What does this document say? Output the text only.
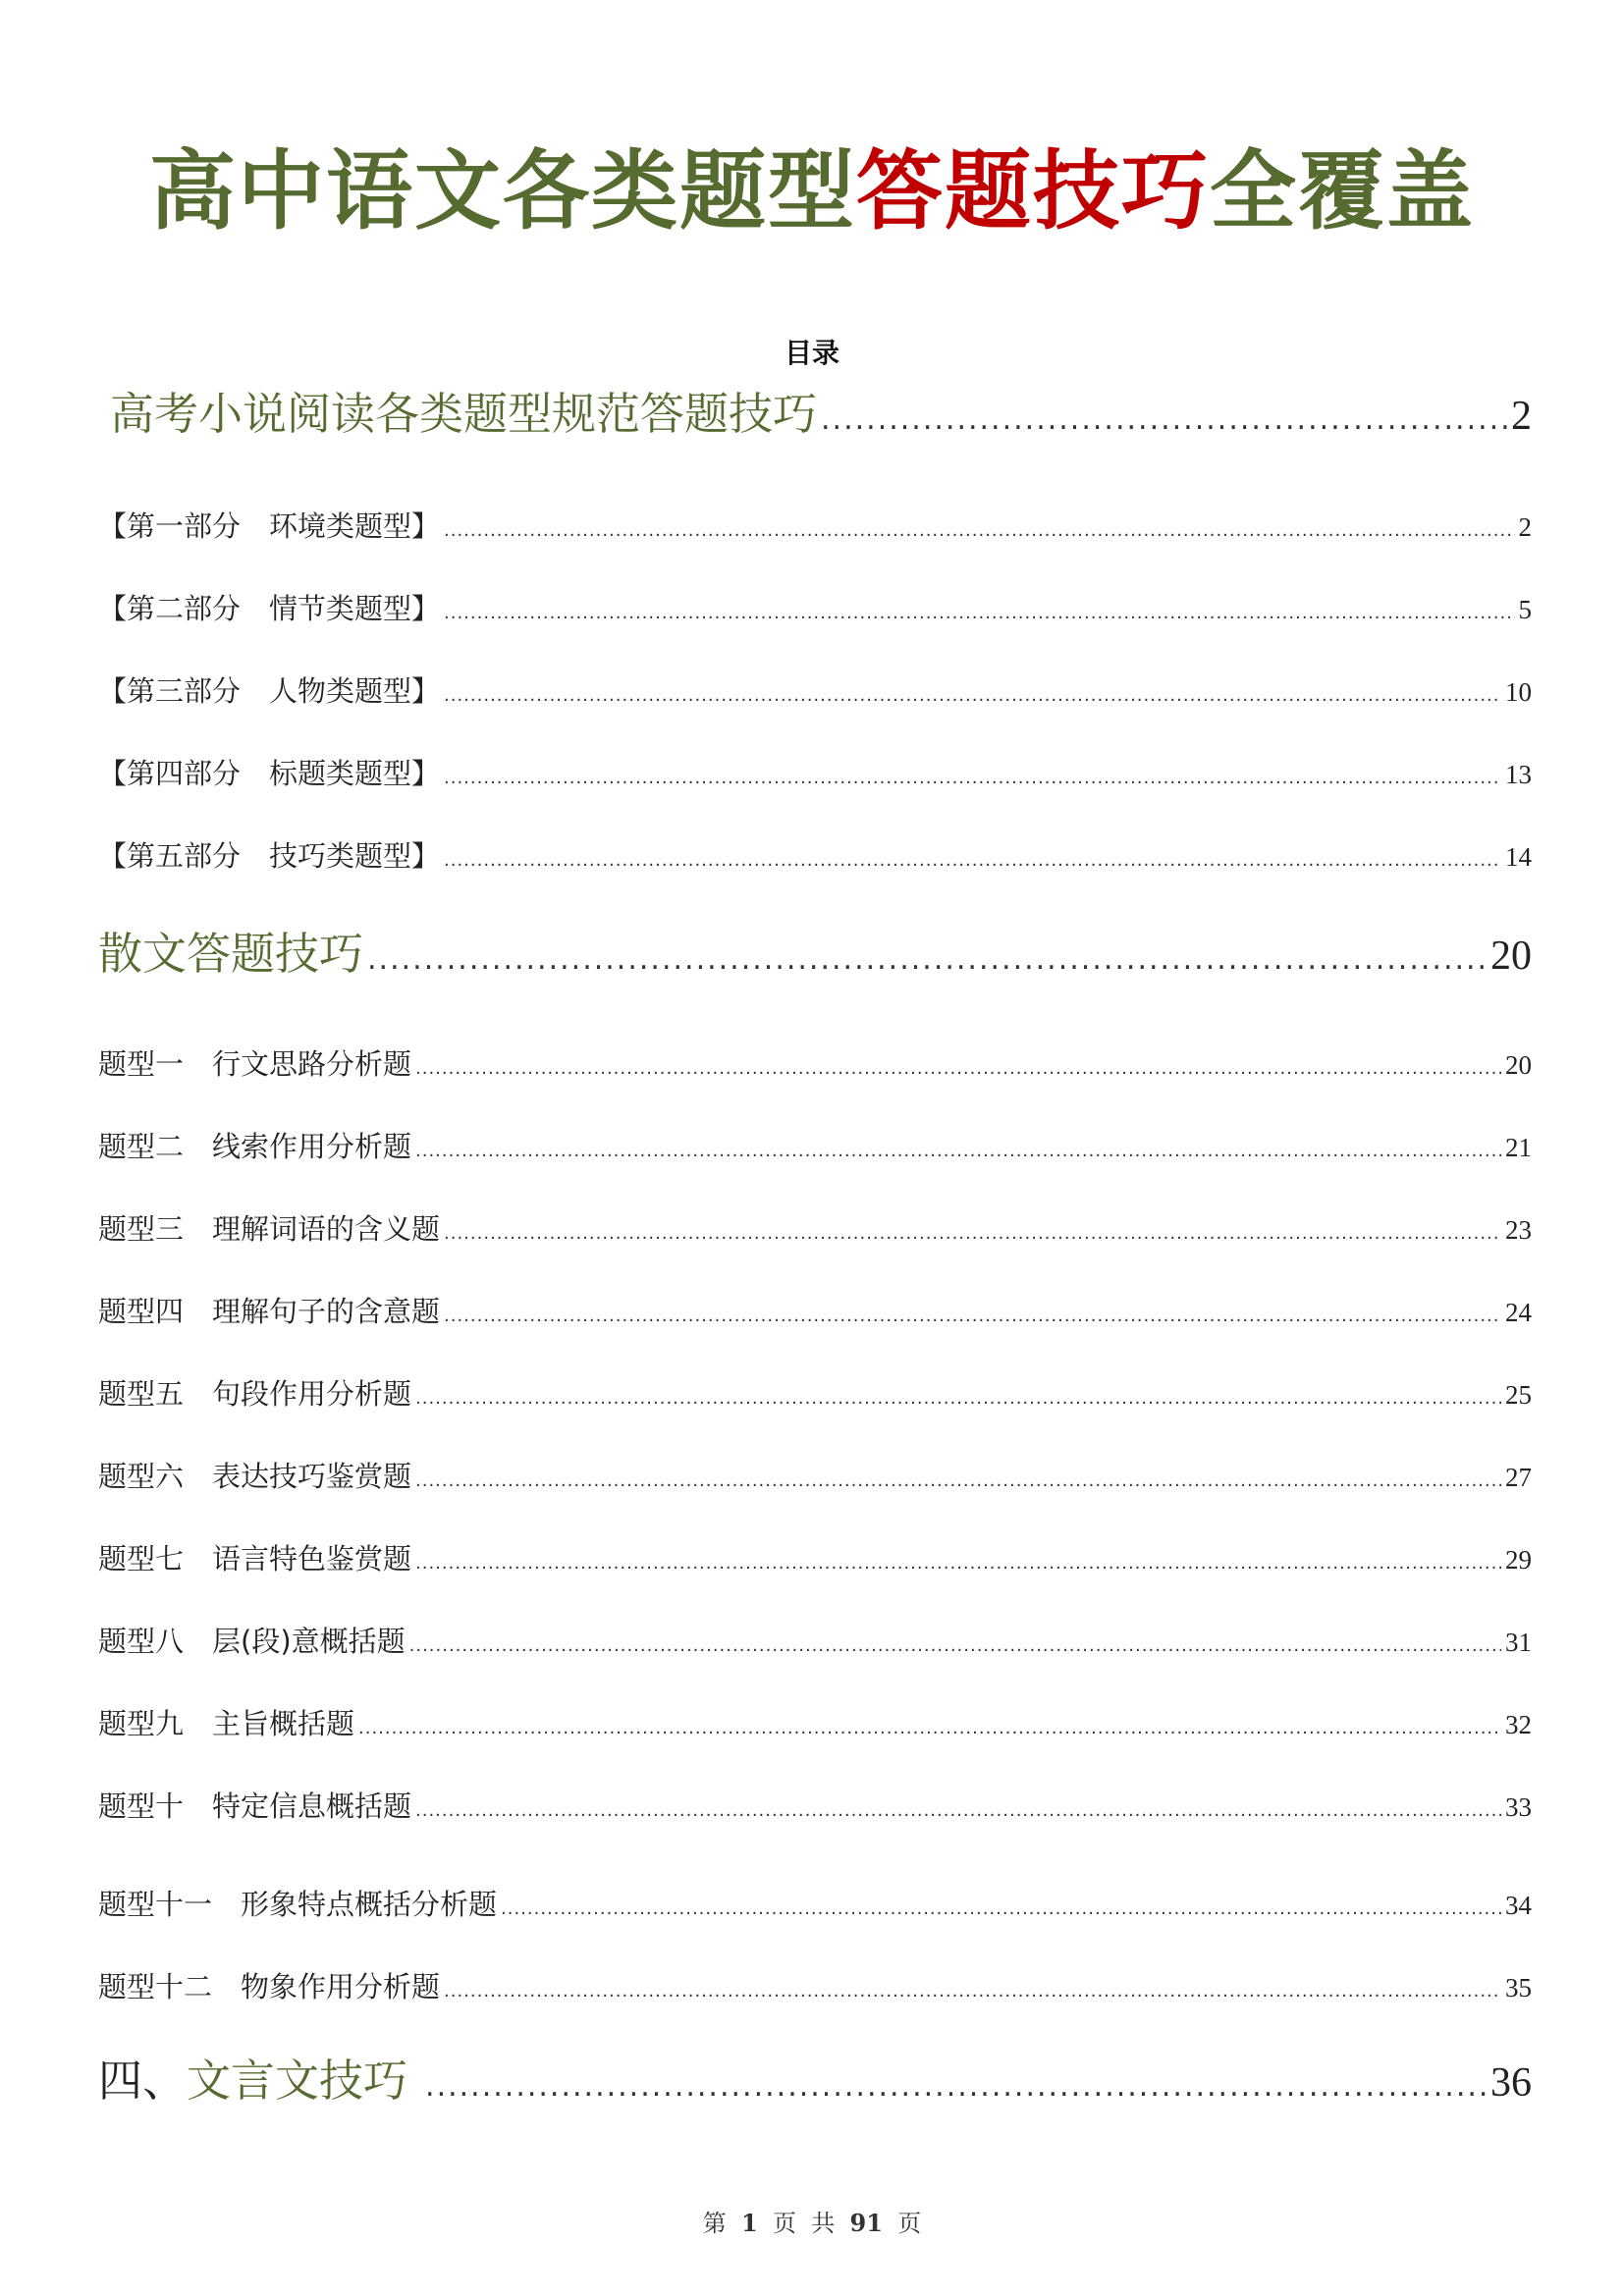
高中语文各类题型答题技巧全覆盖
目录
高考小说阅读各类题型规范答题技巧 .....	2
【第一部分　环境类题型】 .....	2
【第二部分　情节类题型】 .....	5
【第三部分　人物类题型】 .....	10
【第四部分　标题类题型】 .....	13
【第五部分　技巧类题型】 .....	14
散文答题技巧 .....	20
题型一　行文思路分析题 .....	20
题型二　线索作用分析题 .....	21
题型三　理解词语的含义题 .....	23
题型四　理解句子的含意题 .....	24
题型五　句段作用分析题 .....	25
题型六　表达技巧鉴赏题 .....	27
题型七　语言特色鉴赏题 .....	29
题型八　层(段)意概括题 .....	31
题型九　主旨概括题 .....	32
题型十　特定信息概括题 .....	33
题型十一　形象特点概括分析题 .....	34
题型十二　物象作用分析题 .....	35
四、文言文技巧 .....	36
第 1 页  共 91 页
